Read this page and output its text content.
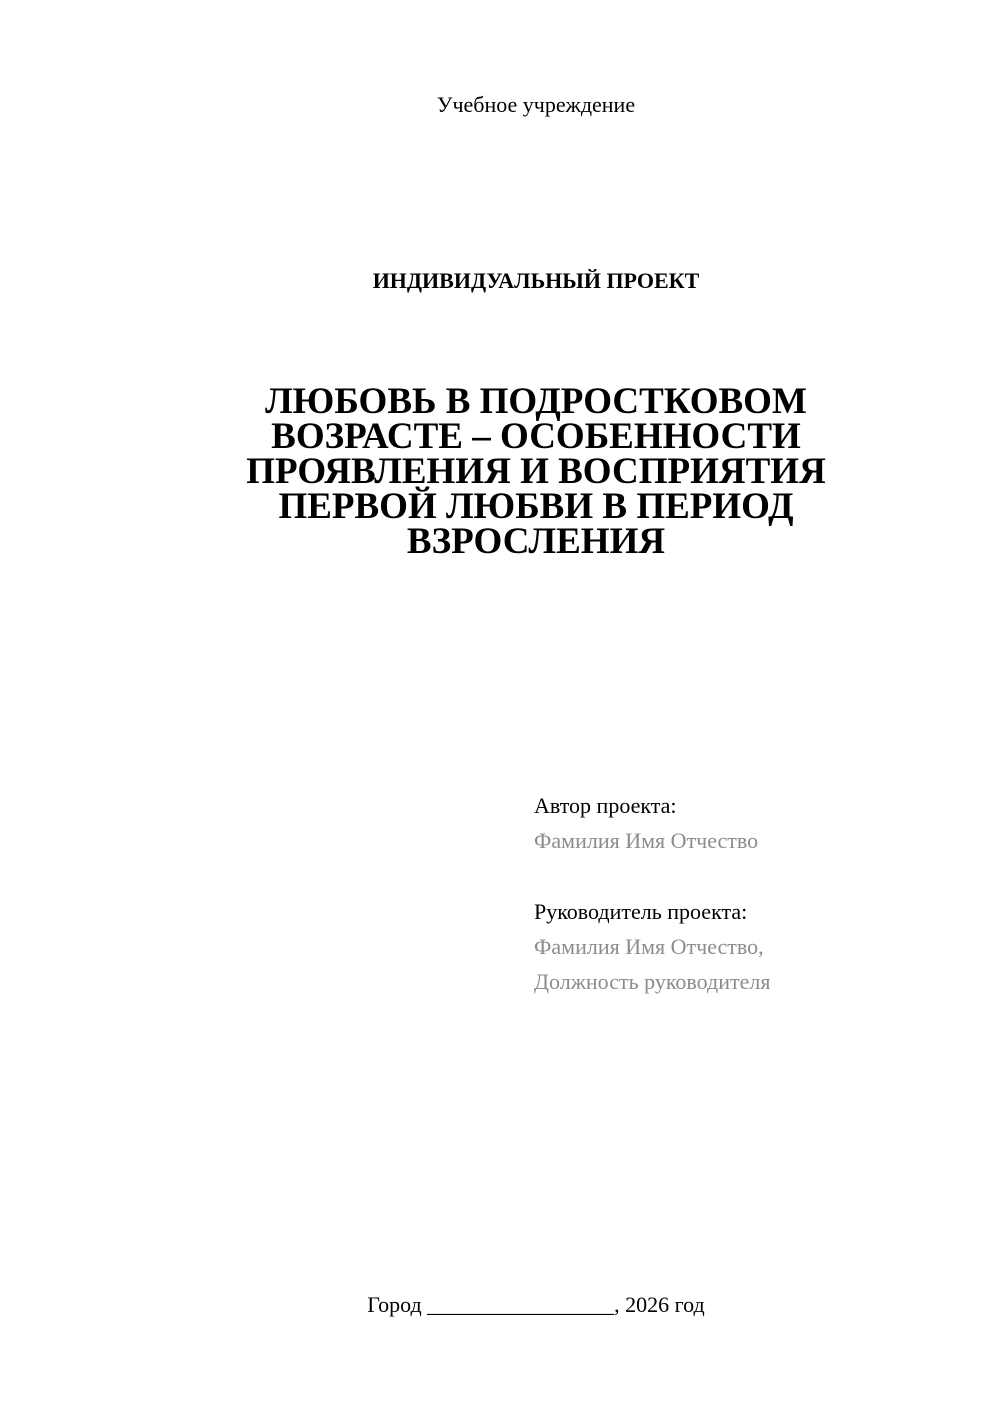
Учебное учреждение
ИНДИВИДУАЛЬНЫЙ ПРОЕКТ
ЛЮБОВЬ В ПОДРОСТКОВОМ
ВОЗРАСТЕ – ОСОБЕННОСТИ
ПРОЯВЛЕНИЯ И ВОСПРИЯТИЯ
ПЕРВОЙ ЛЮБВИ В ПЕРИОД
ВЗРОСЛЕНИЯ
Автор проекта:
Фамилия Имя Отчество
Руководитель проекта:
Фамилия Имя Отчество,
Должность руководителя
Город _________________, 2026 год
